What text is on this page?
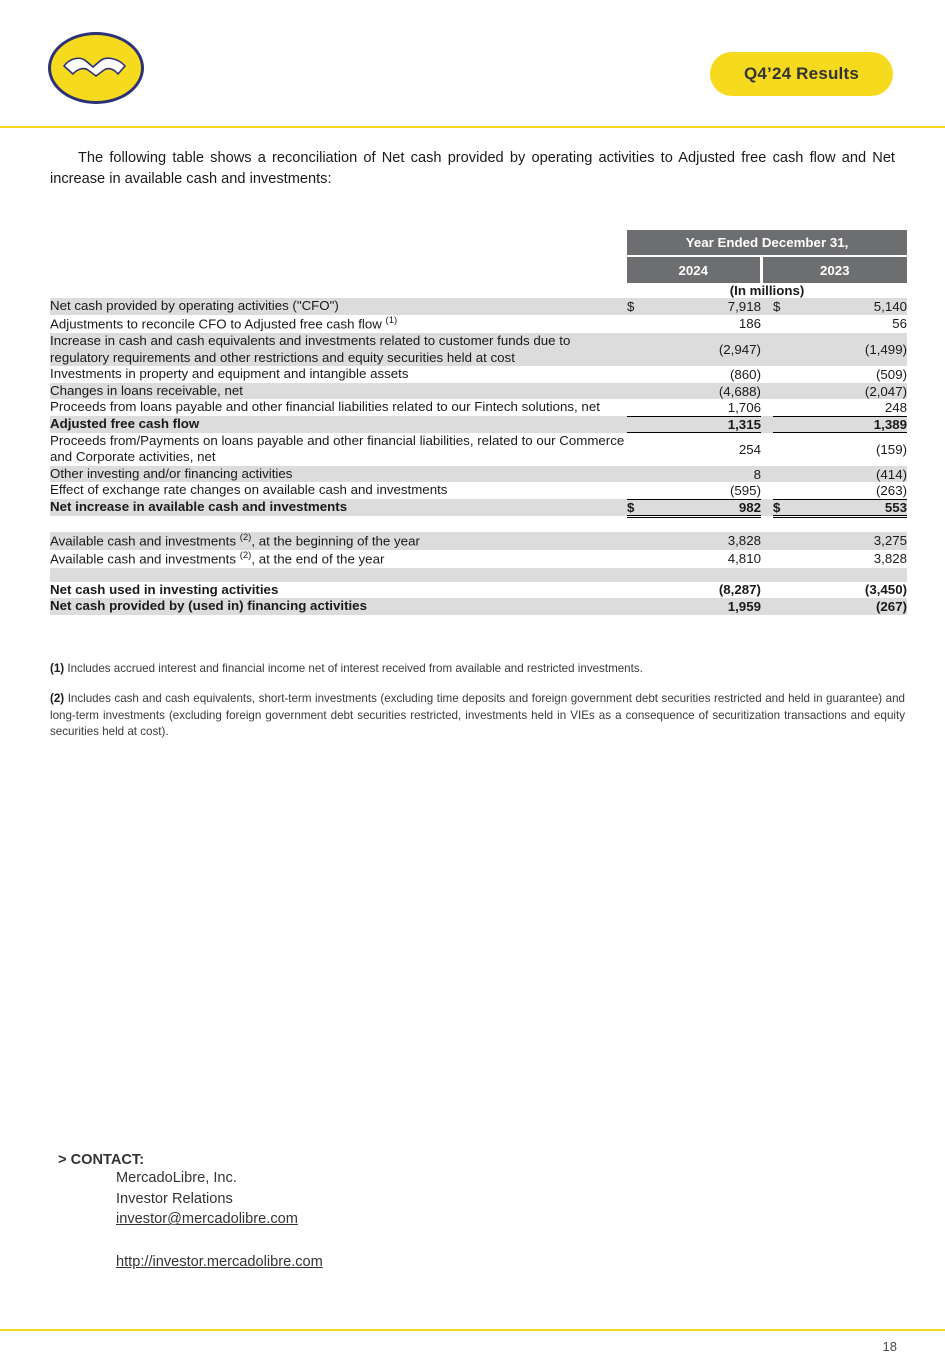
Q4’24 Results

The following table shows a reconciliation of Net cash provided by operating activities to Adjusted free cash flow and Net increase in available cash and investments:

	Year Ended December 31,				
	2024		2023		
	(In millions)				
Net cash provided by operating activities ("CFO")	$	7,918		$	5,140
Adjustments to reconcile CFO to Adjusted free cash flow $^{(1)}$		186			56
Increase in cash and cash equivalents and investments related to customer funds due to regulatory requirements and other restrictions and equity securities held at cost		(2,947)			(1,499)
Investments in property and equipment and intangible assets		(860)			(509)
Changes in loans receivable, net		(4,688)			(2,047)
Proceeds from loans payable and other financial liabilities related to our Fintech solutions, net		1,706			248
Adjusted free cash flow		1,315			1,389
Proceeds from/Payments on loans payable and other financial liabilities, related to our Commerce and Corporate activities, net		254			(159)
Other investing and/or financing activities		8			(414)
Effect of exchange rate changes on available cash and investments		(595)			(263)
Net increase in available cash and investments	$	982		$	553

Available cash and investments $^{(2)}$, at the beginning of the year		3,828			3,275
Available cash and investments $^{(2)}$, at the end of the year		4,810			3,828

Net cash used in investing activities		(8,287)			(3,450)
Net cash provided by (used in) financing activities		1,959			(267)

(1) Includes accrued interest and financial income net of interest received from available and restricted investments.

(2) Includes cash and cash equivalents, short-term investments (excluding time deposits and foreign government debt securities restricted and held in guarantee) and long-term investments (excluding foreign government debt securities restricted, investments held in VIEs as a consequence of securitization transactions and equity securities held at cost).

> CONTACT:
MercadoLibre, Inc.
Investor Relations
investor@mercadolibre.com
http://investor.mercadolibre.com
18
